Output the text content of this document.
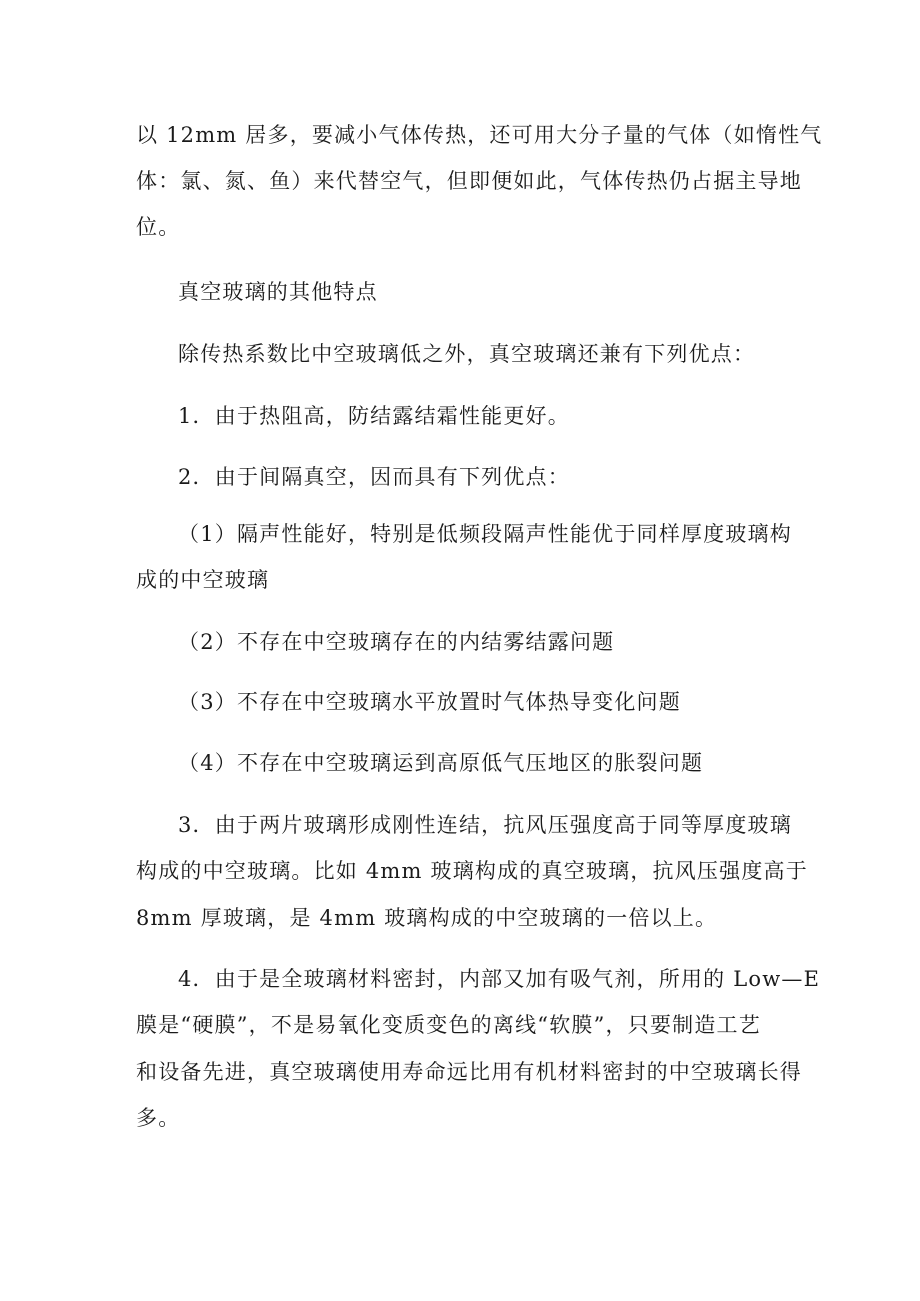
以 12mm 居多，要减小气体传热，还可用大分子量的气体（如惰性气
体：氯、氮、鱼）来代替空气，但即便如此，气体传热仍占据主导地
位。
真空玻璃的其他特点
除传热系数比中空玻璃低之外，真空玻璃还兼有下列优点：
1．由于热阻高，防结露结霜性能更好。
2．由于间隔真空，因而具有下列优点：
（1）隔声性能好，特别是低频段隔声性能优于同样厚度玻璃构
成的中空玻璃
（2）不存在中空玻璃存在的内结雾结露问题
（3）不存在中空玻璃水平放置时气体热导变化问题
（4）不存在中空玻璃运到高原低气压地区的胀裂问题
3．由于两片玻璃形成刚性连结，抗风压强度高于同等厚度玻璃
构成的中空玻璃。比如 4mm 玻璃构成的真空玻璃，抗风压强度高于
8mm 厚玻璃，是 4mm 玻璃构成的中空玻璃的一倍以上。
4．由于是全玻璃材料密封，内部又加有吸气剂，所用的 Low—E
膜是“硬膜”，不是易氧化变质变色的离线“软膜”，只要制造工艺
和设备先进，真空玻璃使用寿命远比用有机材料密封的中空玻璃长得
多。
